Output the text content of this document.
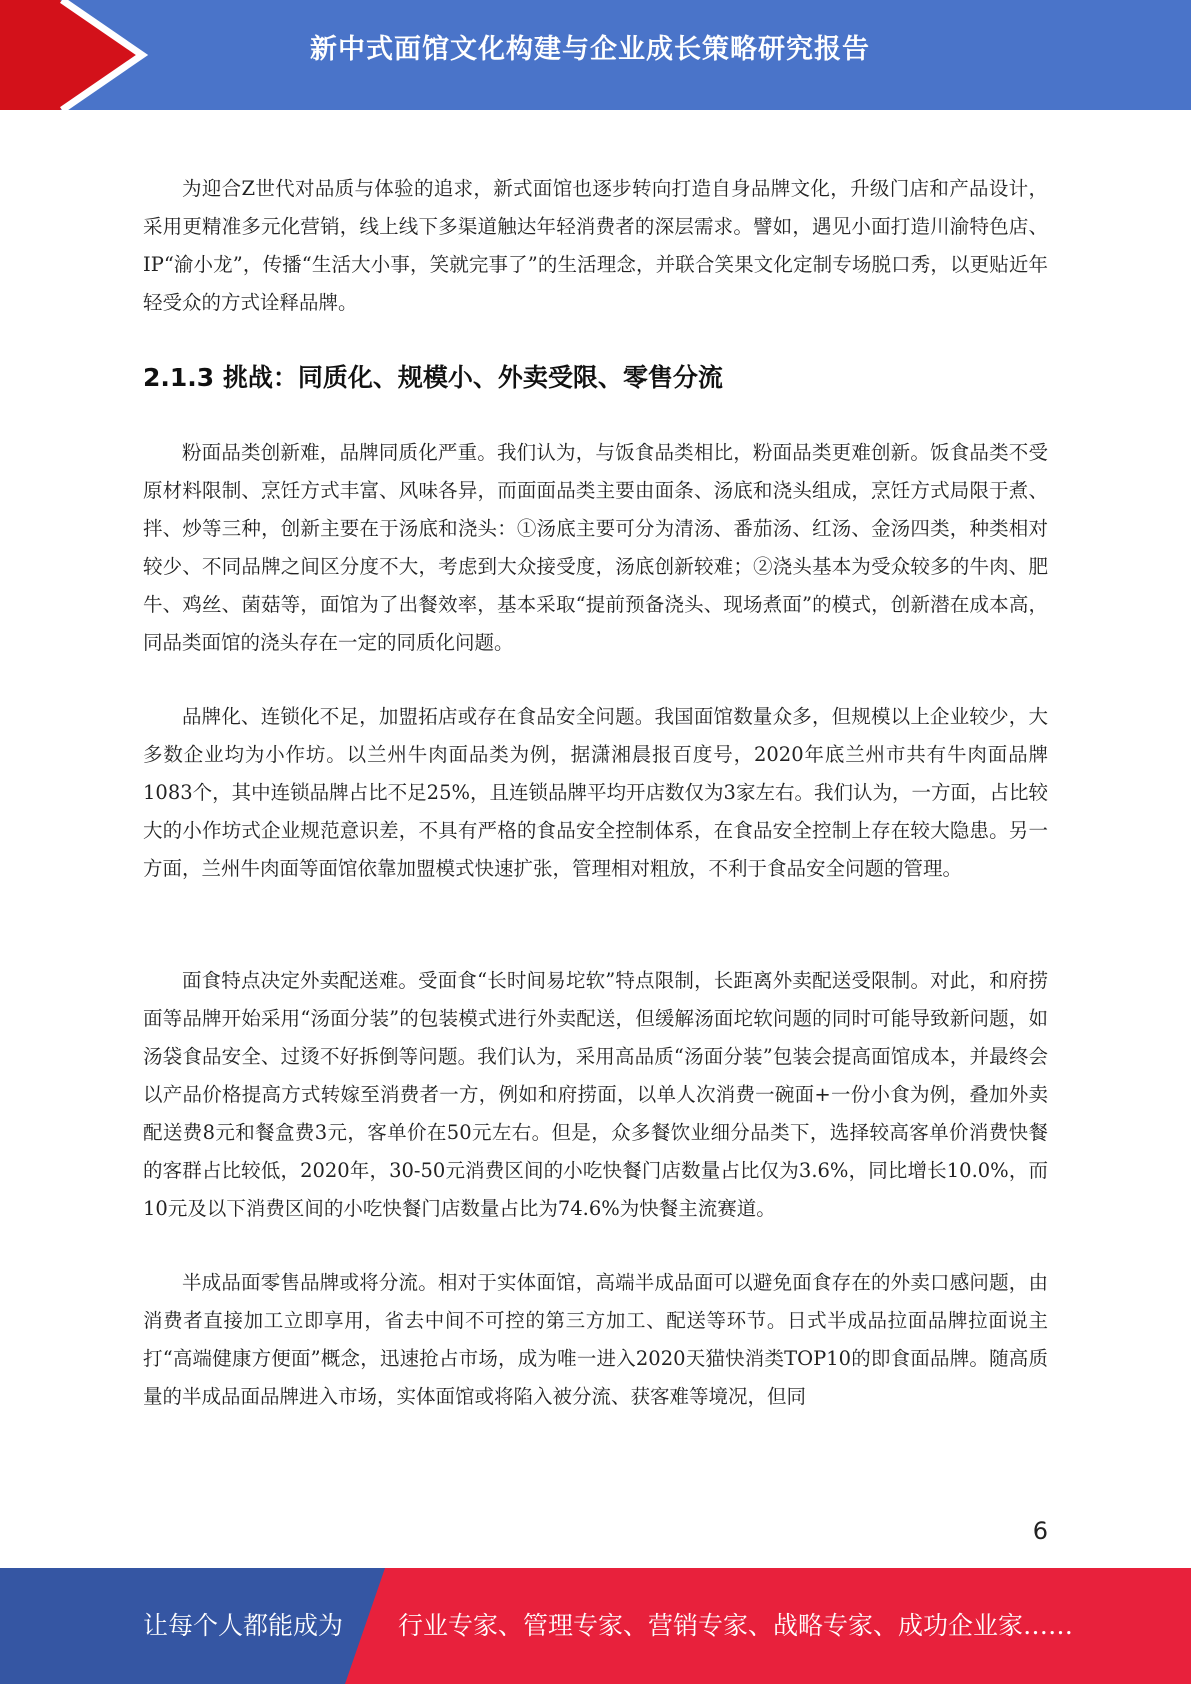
新中式面馆文化构建与企业成长策略研究报告

为迎合Z世代对品质与体验的追求，新式面馆也逐步转向打造自身品牌文化，升级门店和产品设计，采用更精准多元化营销，线上线下多渠道触达年轻消费者的深层需求。譬如，遇见小面打造川渝特色店、IP“渝小龙”，传播“生活大小事，笑就完事了”的生活理念，并联合笑果文化定制专场脱口秀，以更贴近年轻受众的方式诠释品牌。

2.1.3 挑战：同质化、规模小、外卖受限、零售分流

粉面品类创新难，品牌同质化严重。我们认为，与饭食品类相比，粉面品类更难创新。饭食品类不受原材料限制、烹饪方式丰富、风味各异，而面面品类主要由面条、汤底和浇头组成，烹饪方式局限于煮、拌、炒等三种，创新主要在于汤底和浇头：①汤底主要可分为清汤、番茄汤、红汤、金汤四类，种类相对较少、不同品牌之间区分度不大，考虑到大众接受度，汤底创新较难；②浇头基本为受众较多的牛肉、肥牛、鸡丝、菌菇等，面馆为了出餐效率，基本采取“提前预备浇头、现场煮面”的模式，创新潜在成本高，同品类面馆的浇头存在一定的同质化问题。

品牌化、连锁化不足，加盟拓店或存在食品安全问题。我国面馆数量众多，但规模以上企业较少，大多数企业均为小作坊。以兰州牛肉面品类为例，据潇湘晨报百度号，2020年底兰州市共有牛肉面品牌1083个，其中连锁品牌占比不足25%，且连锁品牌平均开店数仅为3家左右。我们认为，一方面，占比较大的小作坊式企业规范意识差，不具有严格的食品安全控制体系，在食品安全控制上存在较大隐患。另一方面，兰州牛肉面等面馆依靠加盟模式快速扩张，管理相对粗放，不利于食品安全问题的管理。

面食特点决定外卖配送难。受面食“长时间易坨软”特点限制，长距离外卖配送受限制。对此，和府捞面等品牌开始采用“汤面分装”的包装模式进行外卖配送，但缓解汤面坨软问题的同时可能导致新问题，如汤袋食品安全、过烫不好拆倒等问题。我们认为，采用高品质“汤面分装”包装会提高面馆成本，并最终会以产品价格提高方式转嫁至消费者一方，例如和府捞面，以单人次消费一碗面+一份小食为例，叠加外卖配送费8元和餐盒费3元，客单价在50元左右。但是，众多餐饮业细分品类下，选择较高客单价消费快餐的客群占比较低，2020年，30-50元消费区间的小吃快餐门店数量占比仅为3.6%，同比增长10.0%，而10元及以下消费区间的小吃快餐门店数量占比为74.6%为快餐主流赛道。

半成品面零售品牌或将分流。相对于实体面馆，高端半成品面可以避免面食存在的外卖口感问题，由消费者直接加工立即享用，省去中间不可控的第三方加工、配送等环节。日式半成品拉面品牌拉面说主打“高端健康方便面”概念，迅速抢占市场，成为唯一进入2020天猫快消类TOP10的即食面品牌。随高质量的半成品面品牌进入市场，实体面馆或将陷入被分流、获客难等境况，但同

6
让每个人都能成为 行业专家、管理专家、营销专家、战略专家、成功企业家……
